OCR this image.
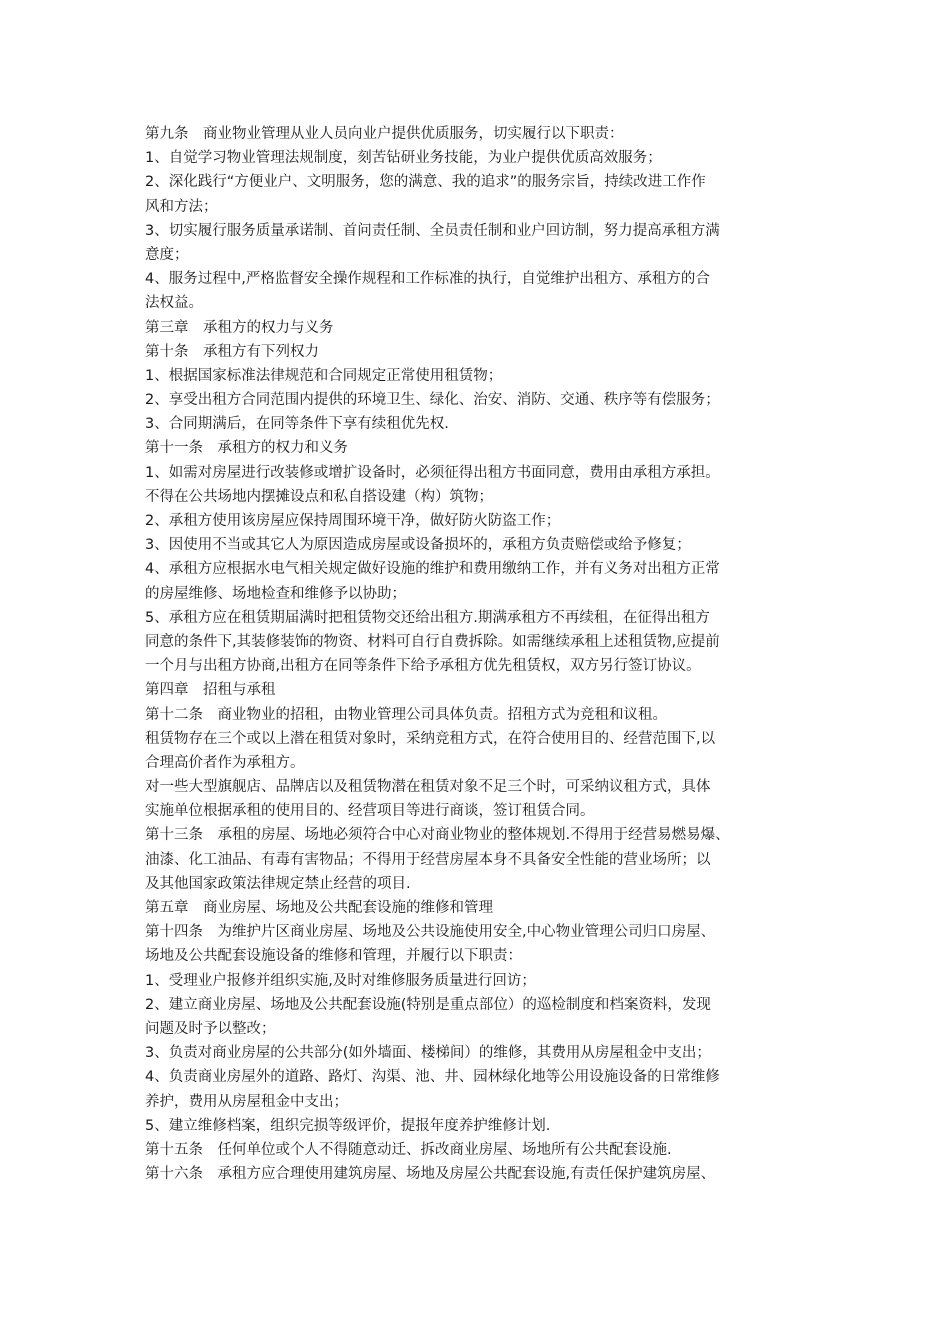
第九条　商业物业管理从业人员向业户提供优质服务，切实履行以下职责：
1、自觉学习物业管理法规制度，刻苦钻研业务技能，为业户提供优质高效服务；
2、深化践行“方便业户、文明服务，您的满意、我的追求”的服务宗旨，持续改进工作作
风和方法；
3、切实履行服务质量承诺制、首问责任制、全员责任制和业户回访制，努力提高承租方满
意度；
4、服务过程中,严格监督安全操作规程和工作标准的执行，自觉维护出租方、承租方的合
法权益。
第三章　承租方的权力与义务
第十条　承租方有下列权力
1、根据国家标准法律规范和合同规定正常使用租赁物；
2、享受出租方合同范围内提供的环境卫生、绿化、治安、消防、交通、秩序等有偿服务；
3、合同期满后，在同等条件下享有续租优先权.
第十一条　承租方的权力和义务
1、如需对房屋进行改装修或增扩设备时，必须征得出租方书面同意，费用由承租方承担。
不得在公共场地内摆摊设点和私自搭设建（构）筑物；
2、承租方使用该房屋应保持周围环境干净，做好防火防盗工作；
3、因使用不当或其它人为原因造成房屋或设备损坏的，承租方负责赔偿或给予修复；
4、承租方应根据水电气相关规定做好设施的维护和费用缴纳工作，并有义务对出租方正常
的房屋维修、场地检查和维修予以协助；
5、承租方应在租赁期届满时把租赁物交还给出租方.期满承租方不再续租，在征得出租方
同意的条件下,其装修装饰的物资、材料可自行自费拆除。如需继续承租上述租赁物,应提前
一个月与出租方协商,出租方在同等条件下给予承租方优先租赁权，双方另行签订协议。
第四章　招租与承租
第十二条　商业物业的招租，由物业管理公司具体负责。招租方式为竞租和议租。
租赁物存在三个或以上潜在租赁对象时，采纳竞租方式，在符合使用目的、经营范围下,以
合理高价者作为承租方。
对一些大型旗舰店、品牌店以及租赁物潜在租赁对象不足三个时，可采纳议租方式，具体
实施单位根据承租的使用目的、经营项目等进行商谈，签订租赁合同。
第十三条　承租的房屋、场地必须符合中心对商业物业的整体规划.不得用于经营易燃易爆、
油漆、化工油品、有毒有害物品；不得用于经营房屋本身不具备安全性能的营业场所；以
及其他国家政策法律规定禁止经营的项目.
第五章　商业房屋、场地及公共配套设施的维修和管理
第十四条　为维护片区商业房屋、场地及公共设施使用安全,中心物业管理公司归口房屋、
场地及公共配套设施设备的维修和管理，并履行以下职责：
1、受理业户报修并组织实施,及时对维修服务质量进行回访；
2、建立商业房屋、场地及公共配套设施(特别是重点部位）的巡检制度和档案资料，发现
问题及时予以整改；
3、负责对商业房屋的公共部分(如外墙面、楼梯间）的维修，其费用从房屋租金中支出；
4、负责商业房屋外的道路、路灯、沟渠、池、井、园林绿化地等公用设施设备的日常维修
养护，费用从房屋租金中支出；
5、建立维修档案，组织完损等级评价，提报年度养护维修计划.
第十五条　任何单位或个人不得随意动迁、拆改商业房屋、场地所有公共配套设施.
第十六条　承租方应合理使用建筑房屋、场地及房屋公共配套设施,有责任保护建筑房屋、
